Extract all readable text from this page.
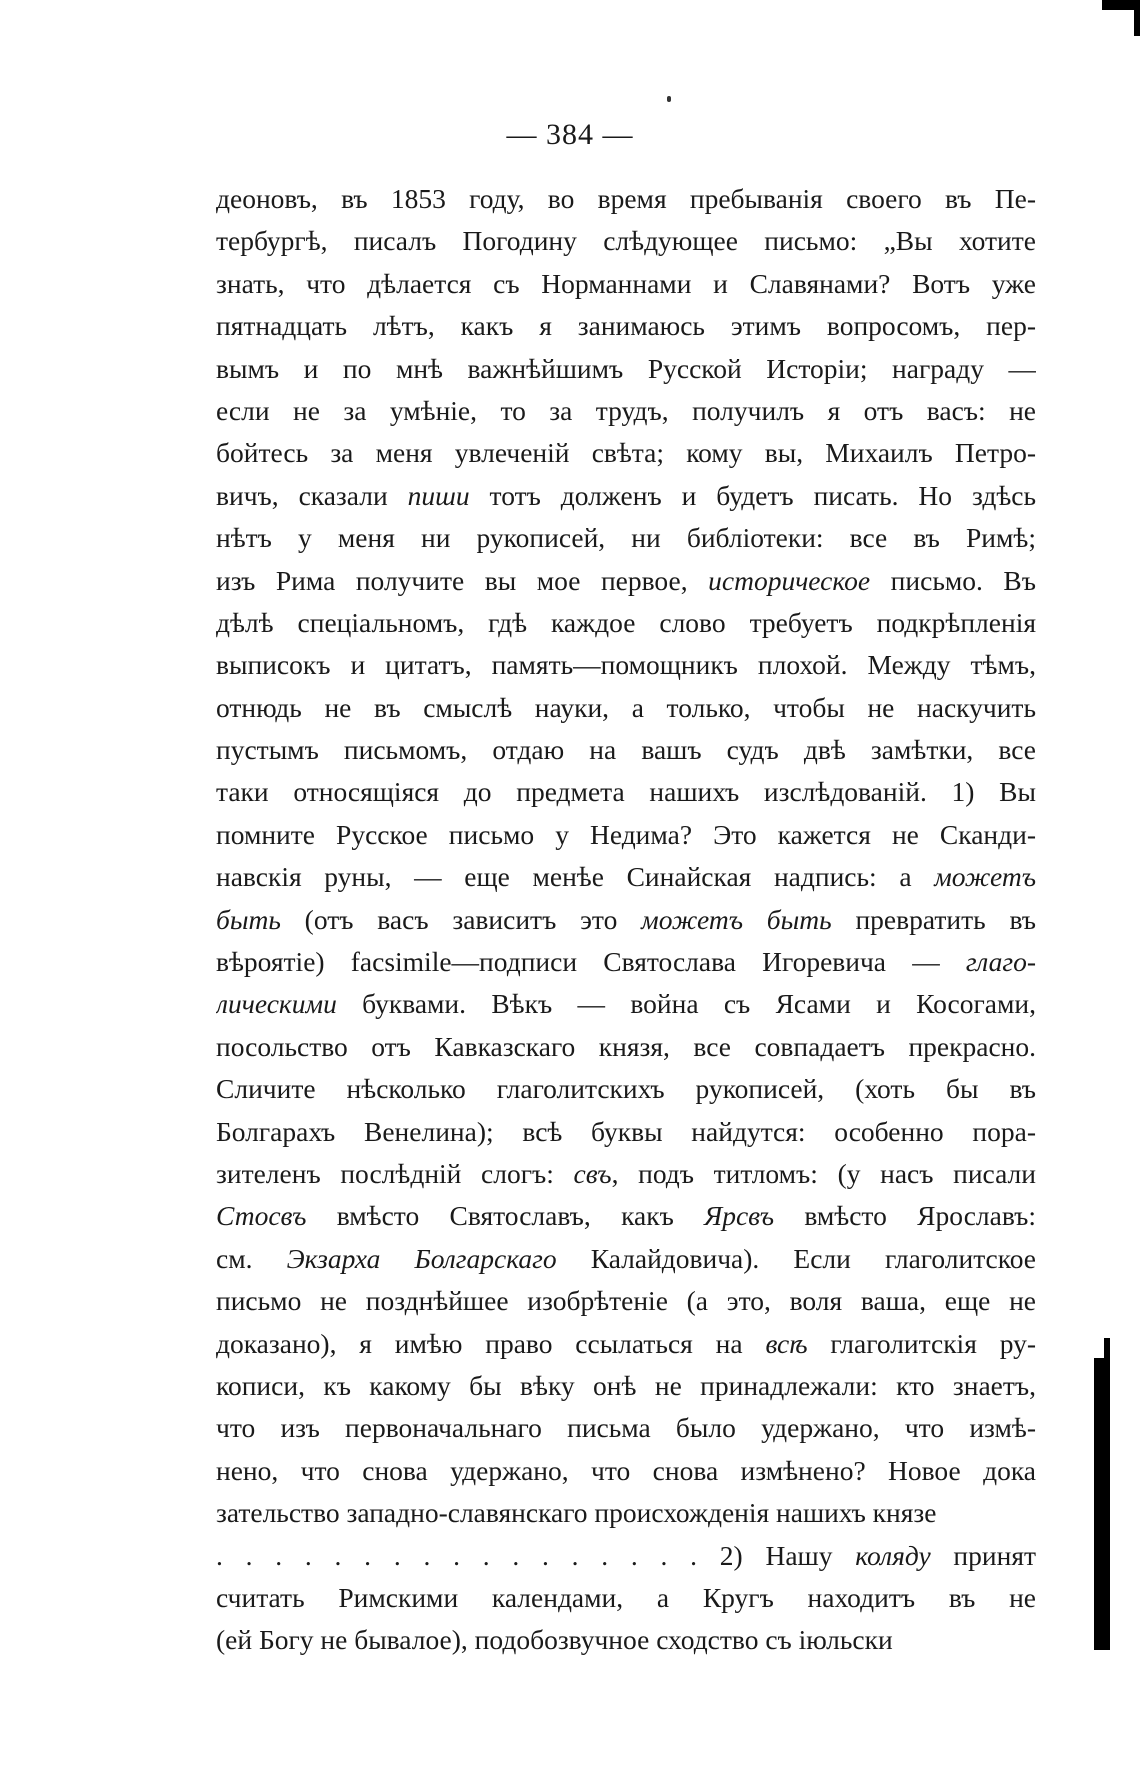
— 384 —
деоновъ, въ 1853 году, во время пребыванія своего въ Пе-
тербургѣ, писалъ Погодину слѣдующее письмо: „Вы хотите
знать, что дѣлается съ Норманнами и Славянами? Вотъ уже
пятнадцать лѣтъ, какъ я занимаюсь этимъ вопросомъ, пер-
вымъ и по мнѣ важнѣйшимъ Русской Исторіи; награду —
если не за умѣніе, то за трудъ, получилъ я отъ васъ: не
бойтесь за меня увлеченій свѣта; кому вы, Михаилъ Петро-
вичъ, сказали пиши тотъ долженъ и будетъ писать. Но здѣсь
нѣтъ у меня ни рукописей, ни библіотеки: все въ Римѣ;
изъ Рима получите вы мое первое, историческое письмо. Въ
дѣлѣ спеціальномъ, гдѣ каждое слово требуетъ подкрѣпленія
выписокъ и цитатъ, память—помощникъ плохой. Между тѣмъ,
отнюдь не въ смыслѣ науки, а только, чтобы не наскучить
пустымъ письмомъ, отдаю на вашъ судъ двѣ замѣтки, все
таки относящіяся до предмета нашихъ изслѣдованій. 1) Вы
помните Русское письмо у Недима? Это кажется не Сканди-
навскія руны, — еще менѣе Синайская надпись: а можетъ
быть (отъ васъ зависитъ это можетъ быть превратить въ
вѣроятіе) facsimile—подписи Святослава Игоревича — глаго-
лическими буквами. Вѣкъ — война съ Ясами и Косогами,
посольство отъ Кавказскаго князя, все совпадаетъ прекрасно.
Сличите нѣсколько глаголитскихъ рукописей, (хоть бы въ
Болгарахъ Венелина); всѣ буквы найдутся: особенно пора-
зителенъ послѣдній слогъ: свъ, подъ титломъ: (у насъ писали
Стосвъ вмѣсто Святославъ, какъ Ярсвъ вмѣсто Ярославъ:
см. Экзарха Болгарскаго Калайдовича). Если глаголитское
письмо не позднѣйшее изобрѣтеніе (а это, воля ваша, еще не
доказано), я имѣю право ссылаться на всѣ глаголитскія ру-
кописи, къ какому бы вѣку онѣ не принадлежали: кто знаетъ,
что изъ первоначальнаго письма было удержано, что измѣ-
нено, что снова удержано, что снова измѣнено? Новое дока
зательство западно-славянскаго происхожденія нашихъ князе
. . . . . . . . . . . . . . . . . 2) Нашу коляду принят
считать Римскими календами, а Кругъ находитъ въ не
(ей Богу не бывалое), подобозвучное сходство съ іюльски
